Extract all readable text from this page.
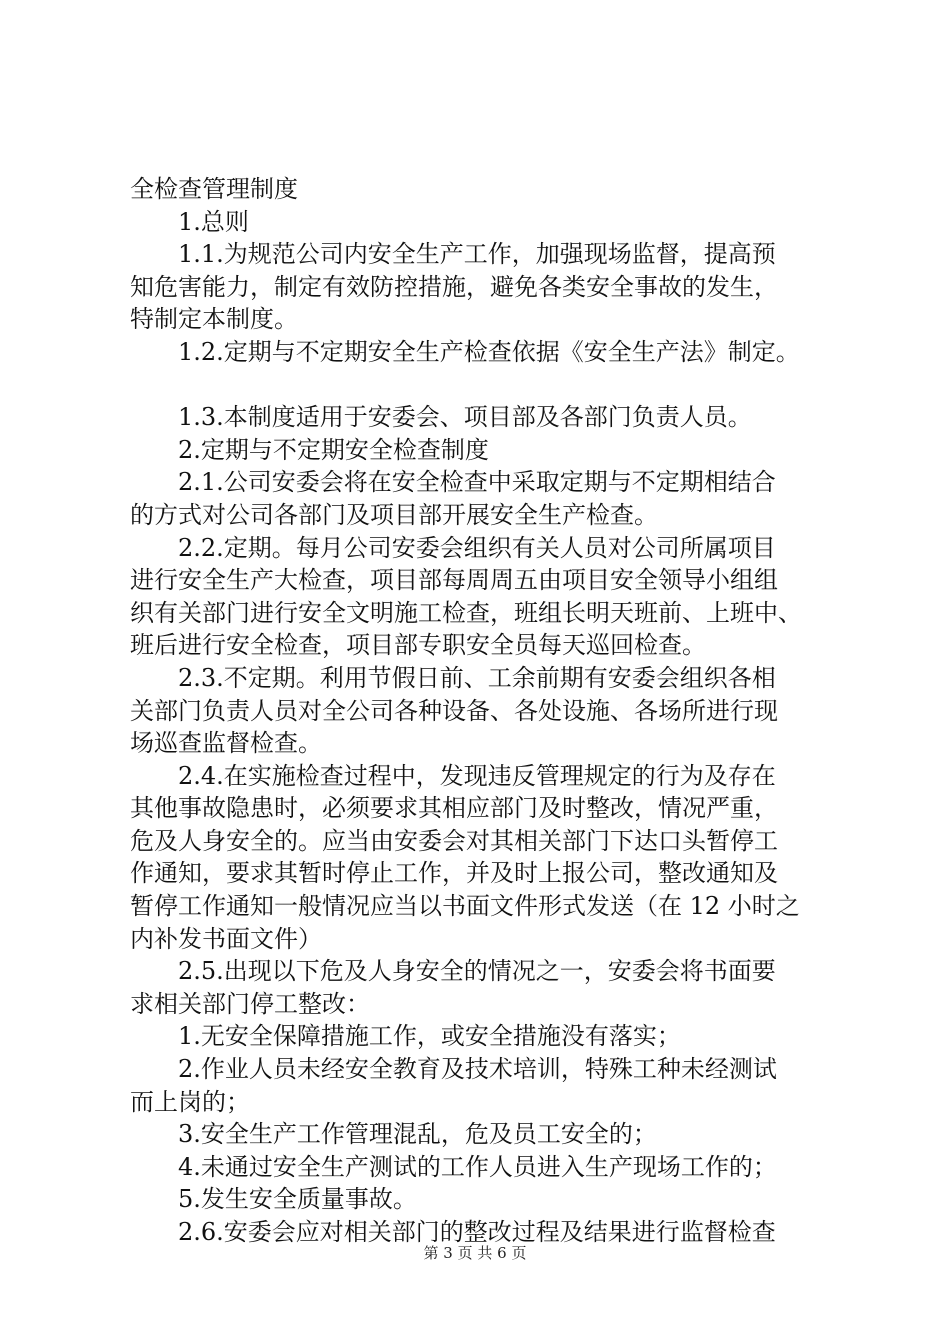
全检查管理制度
1.总则
1.1.为规范公司内安全生产工作，加强现场监督，提高预
知危害能力，制定有效防控措施，避免各类安全事故的发生，
特制定本制度。
1.2.定期与不定期安全生产检查依据《安全生产法》制定。
1.3.本制度适用于安委会、项目部及各部门负责人员。
2.定期与不定期安全检查制度
2.1.公司安委会将在安全检查中采取定期与不定期相结合
的方式对公司各部门及项目部开展安全生产检查。
2.2.定期。每月公司安委会组织有关人员对公司所属项目
进行安全生产大检查，项目部每周周五由项目安全领导小组组
织有关部门进行安全文明施工检查，班组长明天班前、上班中、
班后进行安全检查，项目部专职安全员每天巡回检查。
2.3.不定期。利用节假日前、工余前期有安委会组织各相
关部门负责人员对全公司各种设备、各处设施、各场所进行现
场巡查监督检查。
2.4.在实施检查过程中，发现违反管理规定的行为及存在
其他事故隐患时，必须要求其相应部门及时整改，情况严重，
危及人身安全的。应当由安委会对其相关部门下达口头暂停工
作通知，要求其暂时停止工作，并及时上报公司，整改通知及
暂停工作通知一般情况应当以书面文件形式发送（在 12 小时之
内补发书面文件）
2.5.出现以下危及人身安全的情况之一，安委会将书面要
求相关部门停工整改：
1.无安全保障措施工作，或安全措施没有落实；
2.作业人员未经安全教育及技术培训，特殊工种未经测试
而上岗的；
3.安全生产工作管理混乱，危及员工安全的；
4.未通过安全生产测试的工作人员进入生产现场工作的；
5.发生安全质量事故。
2.6.安委会应对相关部门的整改过程及结果进行监督检查
第 3 页 共 6 页
